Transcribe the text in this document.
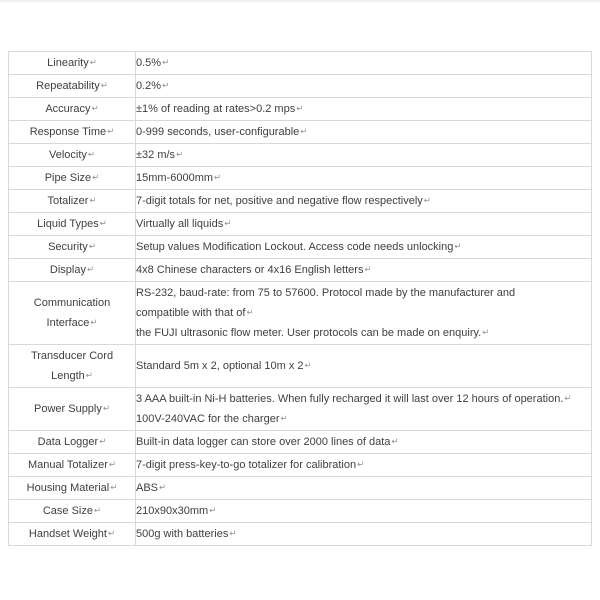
Linearity↵	0.5%↵

Repeatability↵	0.2%↵

Accuracy↵	±1% of reading at rates>0.2 mps↵

Response Time↵	0-999 seconds, user-configurable↵

Velocity↵	±32 m/s↵

Pipe Size↵	15mm-6000mm↵

Totalizer↵	7-digit totals for net, positive and negative flow respectively↵

Liquid Types↵	Virtually all liquids↵

Security↵	Setup values Modification Lockout. Access code needs unlocking↵

Display↵	4x8 Chinese characters or 4x16 English letters↵

Communication
Interface↵

RS-232, baud-rate: from 75 to 57600. Protocol made by the manufacturer and
compatible with that of↵
the FUJI ultrasonic flow meter. User protocols can be made on enquiry.↵

Transducer Cord
Length↵	Standard 5m x 2, optional 10m x 2↵

Power Supply↵	3 AAA built-in Ni-H batteries. When fully recharged it will last over 12 hours of operation.↵
100V-240VAC for the charger↵

Data Logger↵	Built-in data logger can store over 2000 lines of data↵

Manual Totalizer↵	7-digit press-key-to-go totalizer for calibration↵

Housing Material↵	ABS↵

Case Size↵	210x90x30mm↵

Handset Weight↵	500g with batteries↵
